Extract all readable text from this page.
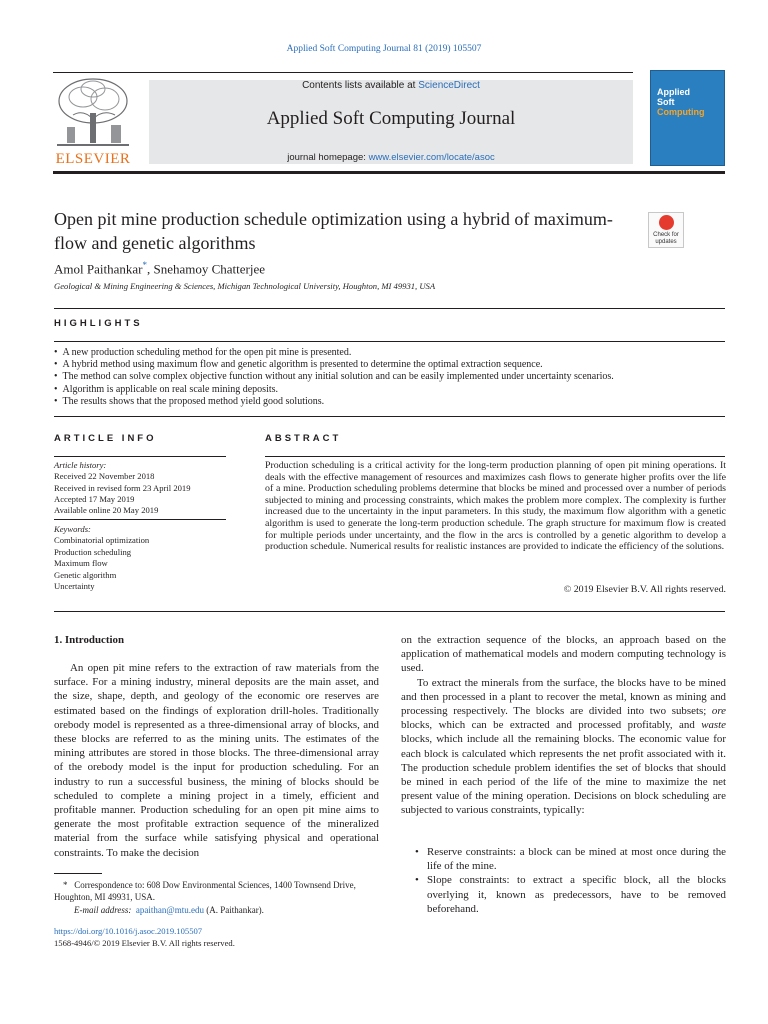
Applied Soft Computing Journal 81 (2019) 105507
ELSEVIER
Contents lists available at ScienceDirect
Applied Soft Computing Journal
journal homepage: www.elsevier.com/locate/asoc
Applied
Soft
Computing
Open pit mine production schedule optimization using a hybrid of maximum-flow and genetic algorithms	Check for
updates
Amol Paithankar*, Snehamoy Chatterjee
Geological & Mining Engineering & Sciences, Michigan Technological University, Houghton, MI 49931, USA
HIGHLIGHTS
• A new production scheduling method for the open pit mine is presented.
• A hybrid method using maximum flow and genetic algorithm is presented to determine the optimal extraction sequence.
• The method can solve complex objective function without any initial solution and can be easily implemented under uncertainty scenarios.
• Algorithm is applicable on real scale mining deposits.
• The results shows that the proposed method yield good solutions.
ARTICLE INFO
Article history:
Received 22 November 2018
Received in revised form 23 April 2019
Accepted 17 May 2019
Available online 20 May 2019
Keywords:
Combinatorial optimization
Production scheduling
Maximum flow
Genetic algorithm
Uncertainty
ABSTRACT

Production scheduling is a critical activity for the long-term production planning of open pit mining operations. It deals with the effective management of resources and maximizes cash flows to generate higher profits over the life of a mine. Production scheduling problems determine that blocks be mined and processed over a number of periods subjected to mining and processing constraints, which makes the problem more complex. The complexity is further increased due to the uncertainty in the input parameters. In this study, the maximum flow algorithm with a genetic algorithm is used to generate the long-term production schedule. The graph structure for maximum flow is created for multiple periods under uncertainty, and the flow in the arcs is controlled by a genetic algorithm to develop a production schedule. Numerical results for realistic instances are provided to indicate the efficiency of the solutions.

© 2019 Elsevier B.V. All rights reserved.
1. Introduction

An open pit mine refers to the extraction of raw materials from the surface. For a mining industry, mineral deposits are the main asset, and the size, shape, depth, and geology of the economic ore reserves are estimated based on the findings of exploration drill-holes. Traditionally orebody model is represented as a three-dimensional array of blocks, and these blocks are referred to as the mining units. The estimates of the mining attributes are stored in those blocks. The three-dimensional array of the orebody model is the input for production scheduling. For an industry to run a successful business, the mining of blocks should be scheduled to complete a mining project in a timely, efficient and profitable manner. Production scheduling for an open pit mine aims to generate the most profitable extraction sequence of the mineralized material from the surface while satisfying physical and operational constraints. To make the decision

on the extraction sequence of the blocks, an approach based on the application of mathematical models and modern computing technology is used.

To extract the minerals from the surface, the blocks have to be mined and then processed in a plant to recover the metal, known as mining and processing respectively. The blocks are divided into two subsets; ore blocks, which can be extracted and processed profitably, and waste blocks, which include all the remaining blocks. The economic value for each block is calculated which represents the net profit associated with it. The production schedule problem identifies the set of blocks that should be mined in each period of the life of the mine to maximize the net present value of the mining operation. Decisions on block scheduling are subjected to various constraints, typically:

• Reserve constraints: a block can be mined at most once during the life of the mine.
• Slope constraints: to extract a specific block, all the blocks overlying it, known as predecessors, have to be removed beforehand.
* Correspondence to: 608 Dow Environmental Sciences, 1400 Townsend Drive, Houghton, MI 49931, USA.
E-mail address: apaithan@mtu.edu (A. Paithankar).
https://doi.org/10.1016/j.asoc.2019.105507
1568-4946/© 2019 Elsevier B.V. All rights reserved.
